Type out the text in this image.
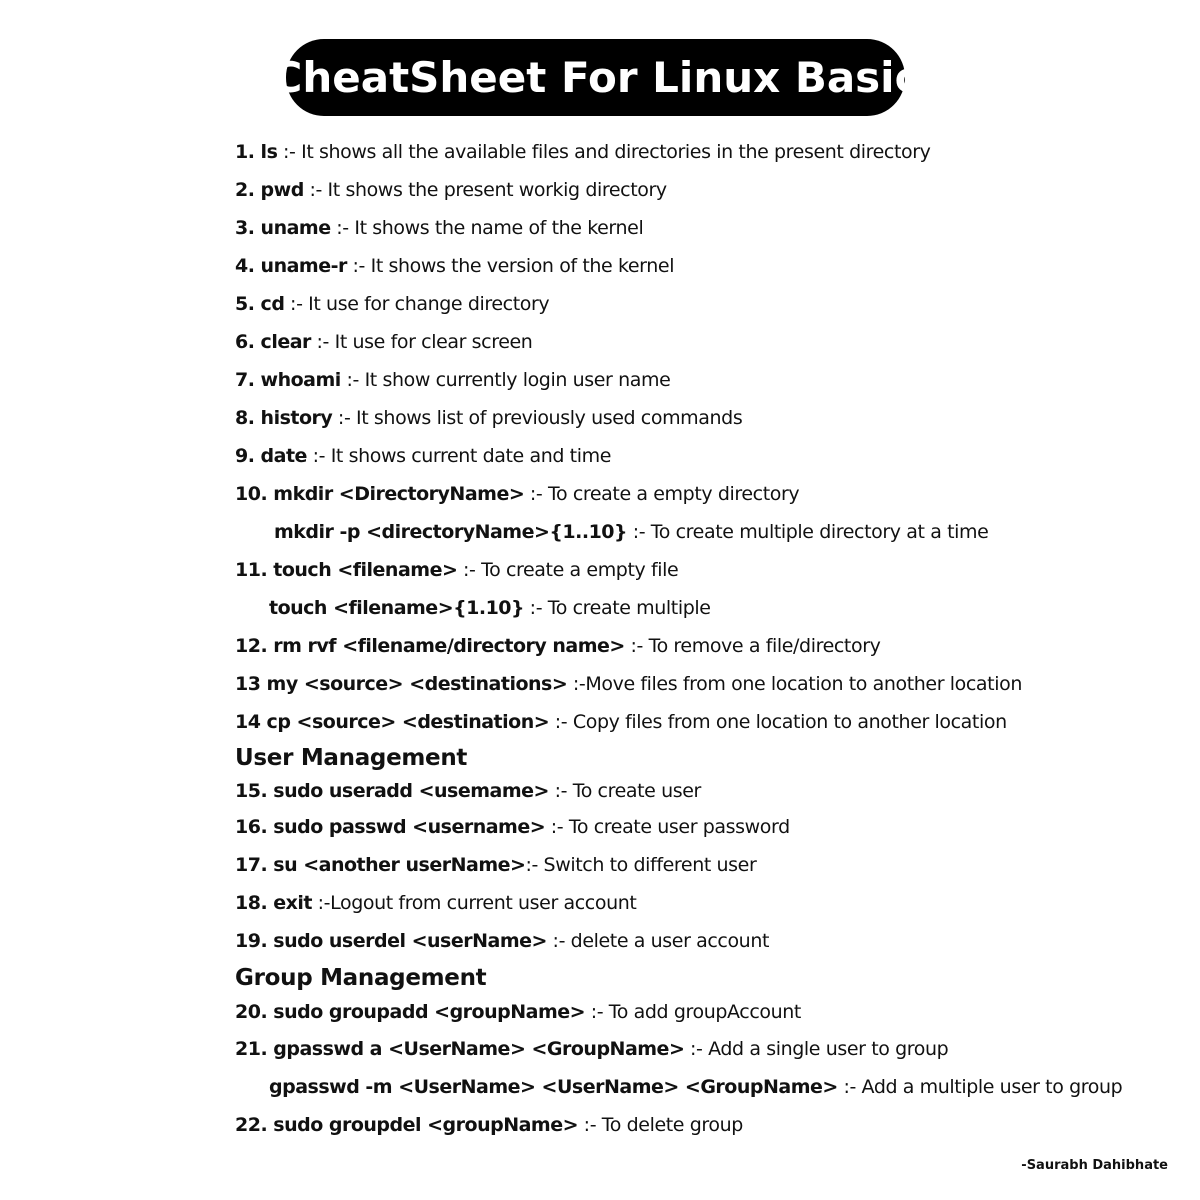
CheatSheet For Linux Basic
1. ls :- It shows all the available files and directories in the present directory
2. pwd :- It shows the present workig directory
3. uname :- It shows the name of the kernel
4. uname-r :- It shows the version of the kernel
5. cd :- It use for change directory
6. clear :- It use for clear screen
7. whoami :- It show currently login user name
8. history :- It shows list of previously used commands
9. date :- It shows current date and time
10. mkdir <DirectoryName> :- To create a empty directory
mkdir -p <directoryName>{1..10} :- To create multiple directory at a time
11. touch <filename> :- To create a empty file
touch <filename>{1.10} :- To create multiple
12. rm rvf <filename/directory name> :- To remove a file/directory
13 my <source> <destinations> :-Move files from one location to another location
14 cp <source> <destination> :- Copy files from one location to another location
User Management
15. sudo useradd <usemame> :- To create user
16. sudo passwd <username> :- To create user password
17. su <another userName>:- Switch to different user
18. exit :-Logout from current user account
19. sudo userdel <userName> :- delete a user account
Group Management
20. sudo groupadd <groupName> :- To add groupAccount
21. gpasswd a <UserName> <GroupName> :- Add a single user to group
gpasswd -m <UserName> <UserName> <GroupName> :- Add a multiple user to group
22. sudo groupdel <groupName> :- To delete group
-Saurabh Dahibhate
